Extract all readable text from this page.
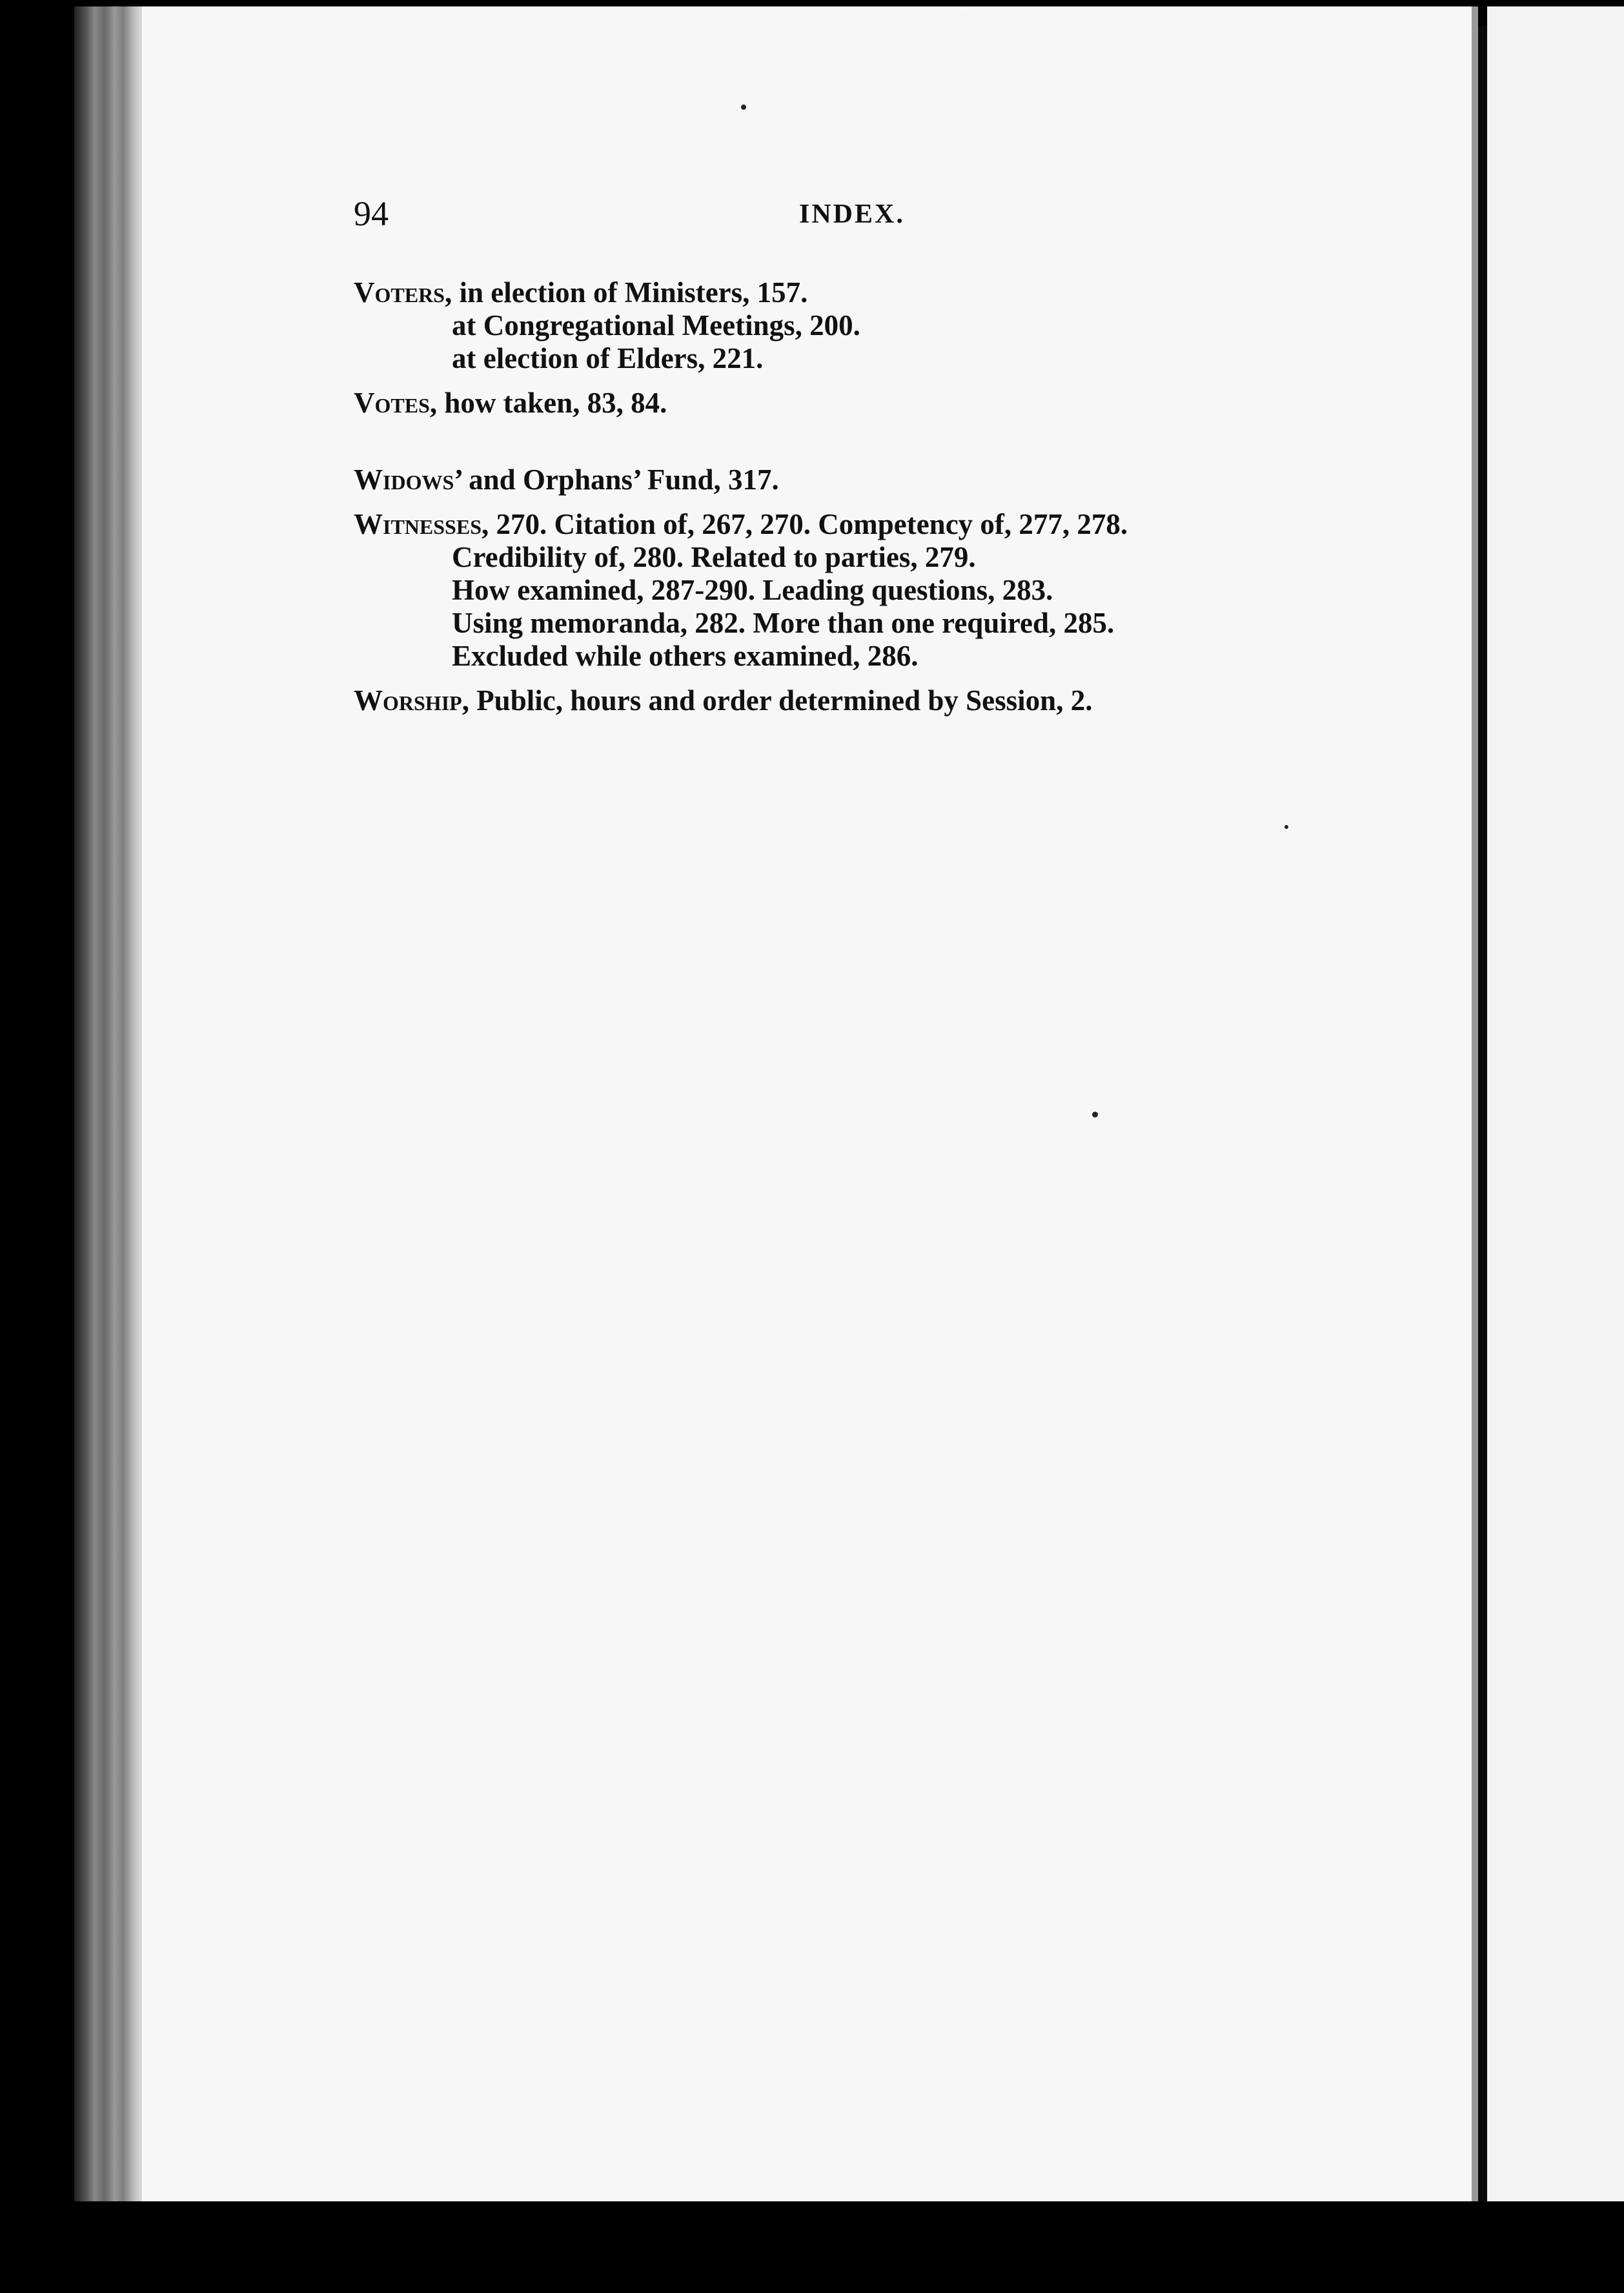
94	INDEX.
Voters, in election of Ministers, 157.
at Congregational Meetings, 200.
at election of Elders, 221.
Votes, how taken, 83, 84.
Widows’ and Orphans’ Fund, 317.
Witnesses, 270. Citation of, 267, 270. Competency of, 277, 278.
Credibility of, 280. Related to parties, 279.
How examined, 287-290. Leading questions, 283.
Using memoranda, 282. More than one required, 285.
Excluded while others examined, 286.
Worship, Public, hours and order determined by Session, 2.
